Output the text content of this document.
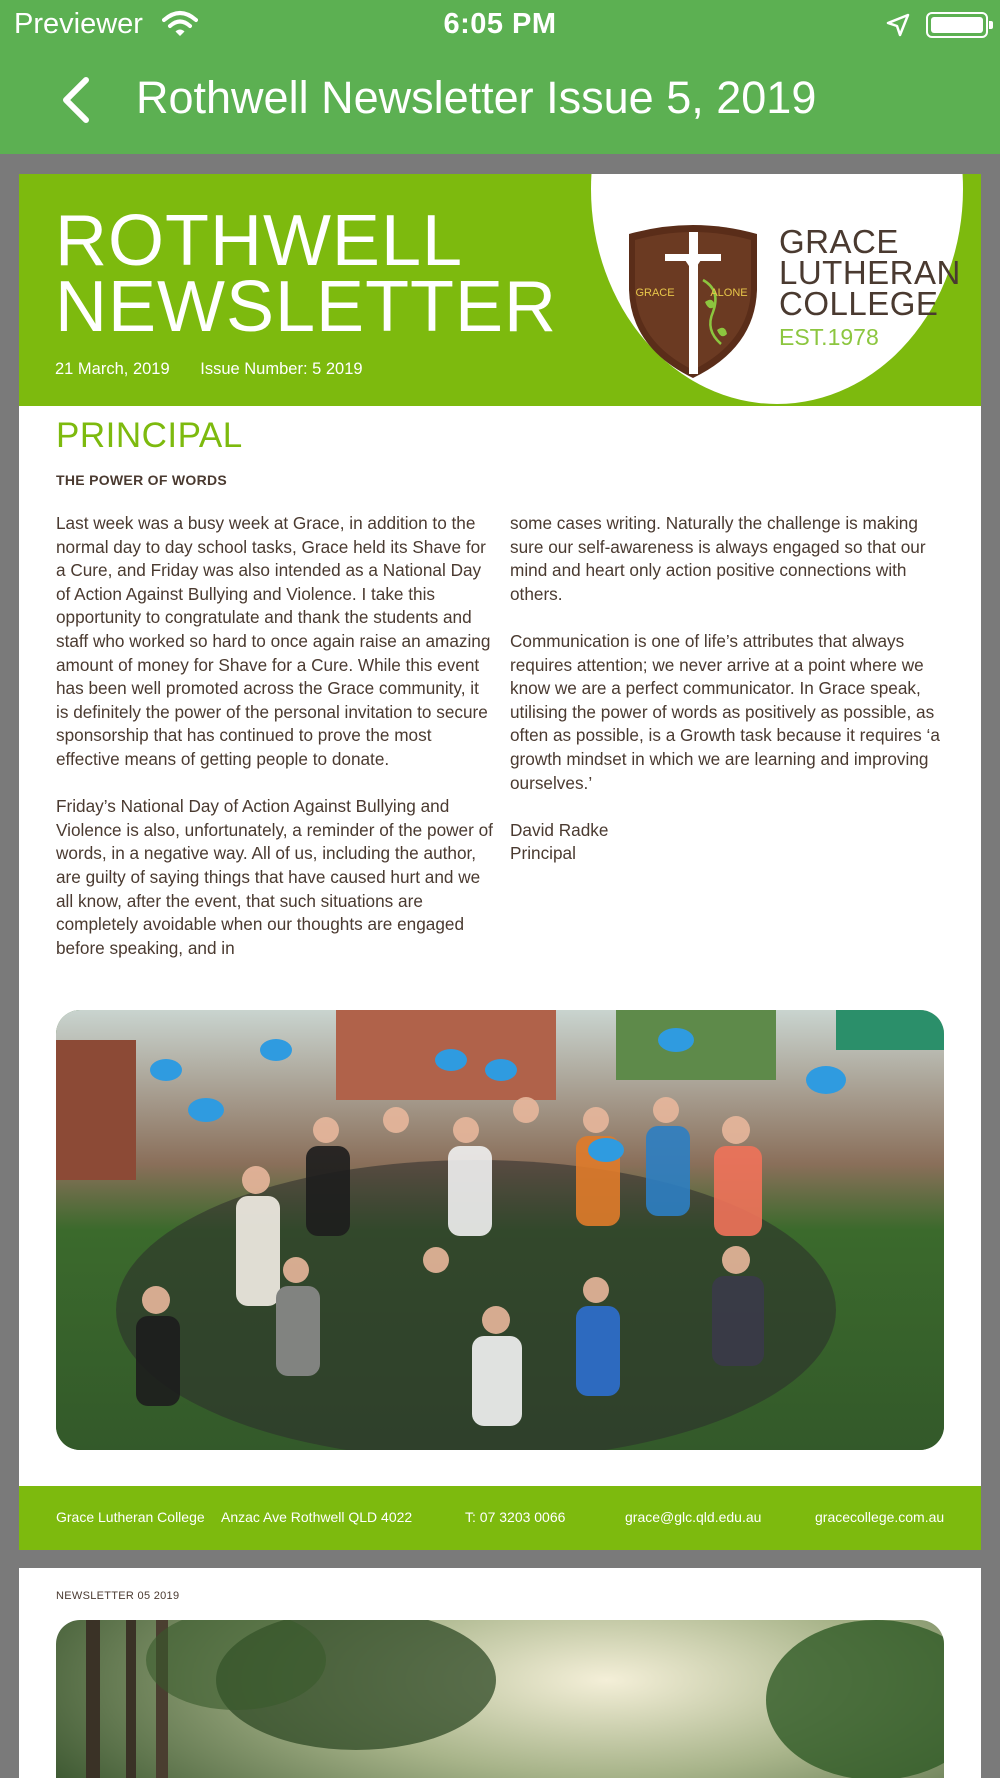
Previewer	6:05 PM
Rothwell Newsletter Issue 5, 2019
ROTHWELL
NEWSLETTER
21 March, 2019 Issue Number: 5 2019
GRACE	ALONE
GRACE
LUTHERAN
COLLEGE
EST.1978
PRINCIPAL
THE POWER OF WORDS

Last week was a busy week at Grace, in addition to the normal day to day school tasks, Grace held its Shave for a Cure, and Friday was also intended as a National Day of Action Against Bullying and Violence. I take this opportunity to congratulate and thank the students and staff who worked so hard to once again raise an amazing amount of money for Shave for a Cure. While this event has been well promoted across the Grace community, it is definitely the power of the personal invitation to secure sponsorship that has continued to prove the most effective means of getting people to donate.

Friday’s National Day of Action Against Bullying and Violence is also, unfortunately, a reminder of the power of words, in a negative way. All of us, including the author, are guilty of saying things that have caused hurt and we all know, after the event, that such situations are completely avoidable when our thoughts are engaged before speaking, and in

some cases writing. Naturally the challenge is making sure our self-awareness is always engaged so that our mind and heart only action positive connections with others.

Communication is one of life’s attributes that always requires attention; we never arrive at a point where we know we are a perfect communicator. In Grace speak, utilising the power of words as positively as possible, as often as possible, is a Growth task because it requires ‘a growth mindset in which we are learning and improving ourselves.’

David Radke
Principal

Grace Lutheran College Anzac Ave Rothwell QLD 4022	T: 07 3203 0066	grace@glc.qld.edu.au	gracecollege.com.au
NEWSLETTER 05 2019
